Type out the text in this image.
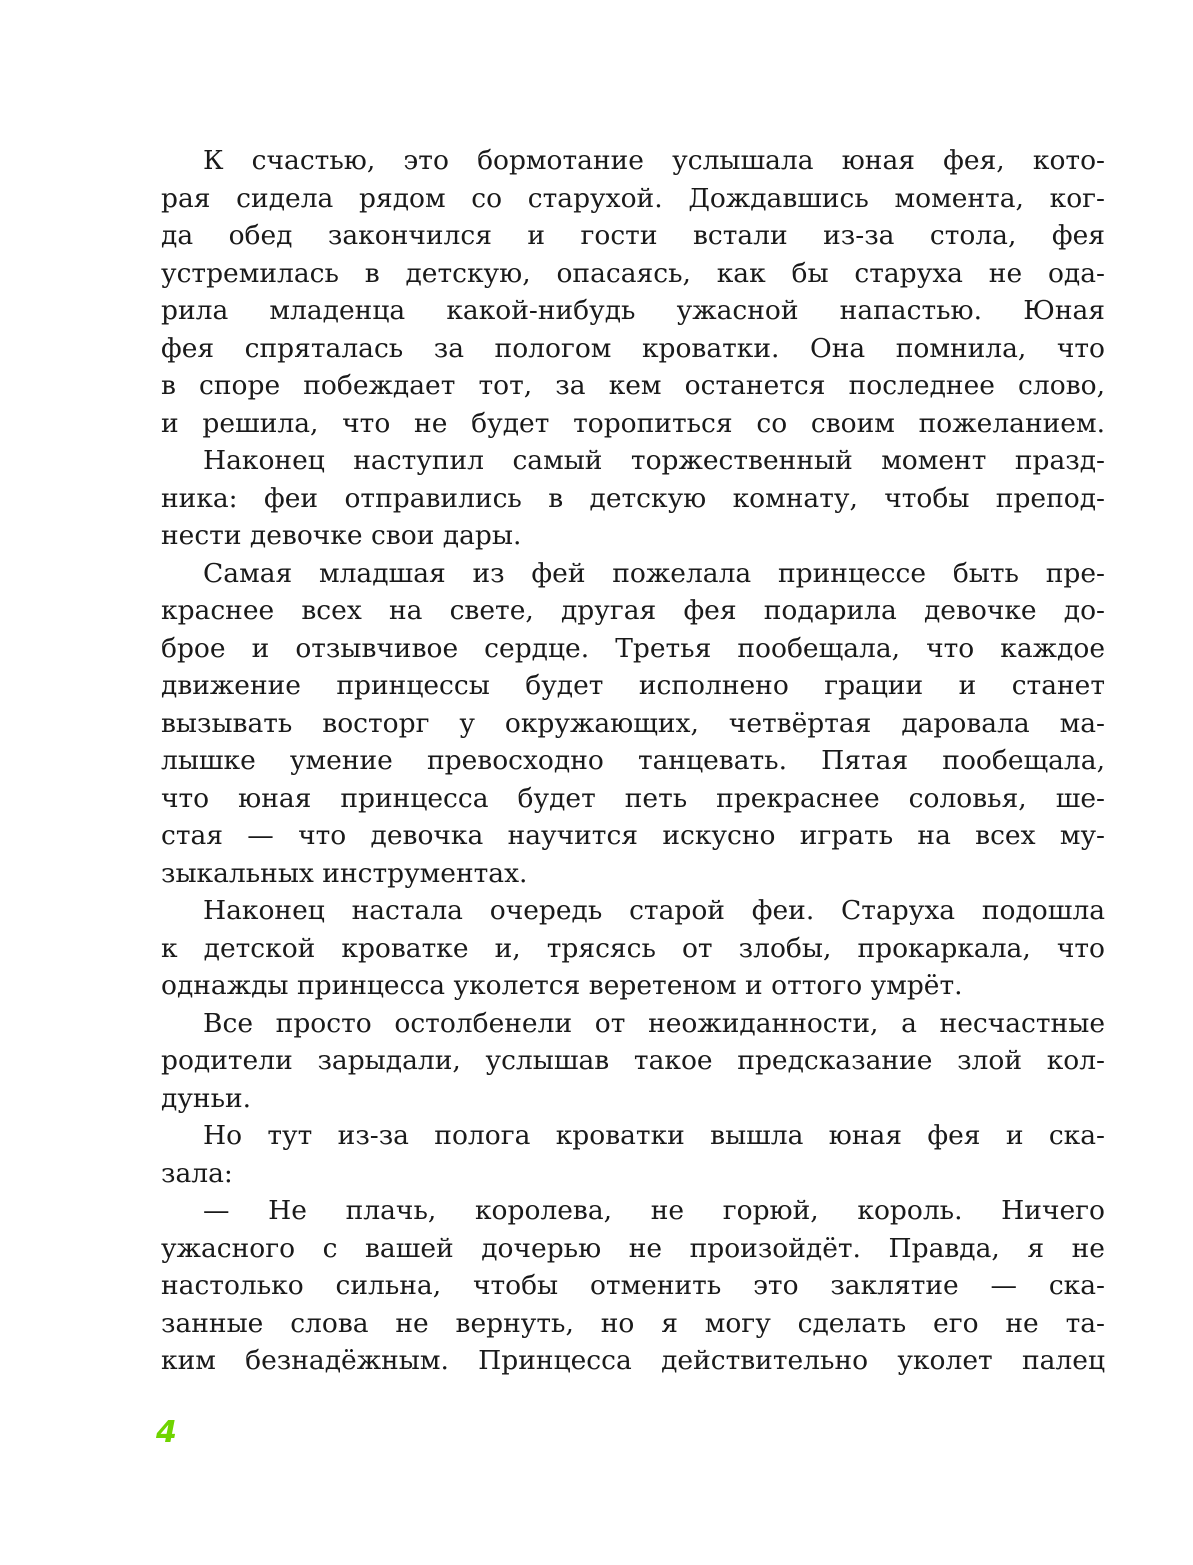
К счастью, это бормотание услышала юная фея, кото-
рая сидела рядом со старухой. Дождавшись момента, ког-
да обед закончился и гости встали из-за стола, фея
устремилась в детскую, опасаясь, как бы старуха не ода-
рила младенца какой-нибудь ужасной напастью. Юная
фея спряталась за пологом кроватки. Она помнила, что
в споре побеждает тот, за кем останется последнее слово,
и решила, что не будет торопиться со своим пожеланием.
Наконец наступил самый торжественный момент празд-
ника: феи отправились в детскую комнату, чтобы препод-
нести девочке свои дары.
Самая младшая из фей пожелала принцессе быть пре-
краснее всех на свете, другая фея подарила девочке до-
брое и отзывчивое сердце. Третья пообещала, что каждое
движение принцессы будет исполнено грации и станет
вызывать восторг у окружающих, четвёртая даровала ма-
лышке умение превосходно танцевать. Пятая пообещала,
что юная принцесса будет петь прекраснее соловья, ше-
стая — что девочка научится искусно играть на всех му-
зыкальных инструментах.
Наконец настала очередь старой феи. Старуха подошла
к детской кроватке и, трясясь от злобы, прокаркала, что
однажды принцесса уколется веретеном и оттого умрёт.
Все просто остолбенели от неожиданности, а несчастные
родители зарыдали, услышав такое предсказание злой кол-
дуньи.
Но тут из-за полога кроватки вышла юная фея и ска-
зала:
— Не плачь, королева, не горюй, король. Ничего
ужасного с вашей дочерью не произойдёт. Правда, я не
настолько сильна, чтобы отменить это заклятие — ска-
занные слова не вернуть, но я могу сделать его не та-
ким безнадёжным. Принцесса действительно уколет палец
4
